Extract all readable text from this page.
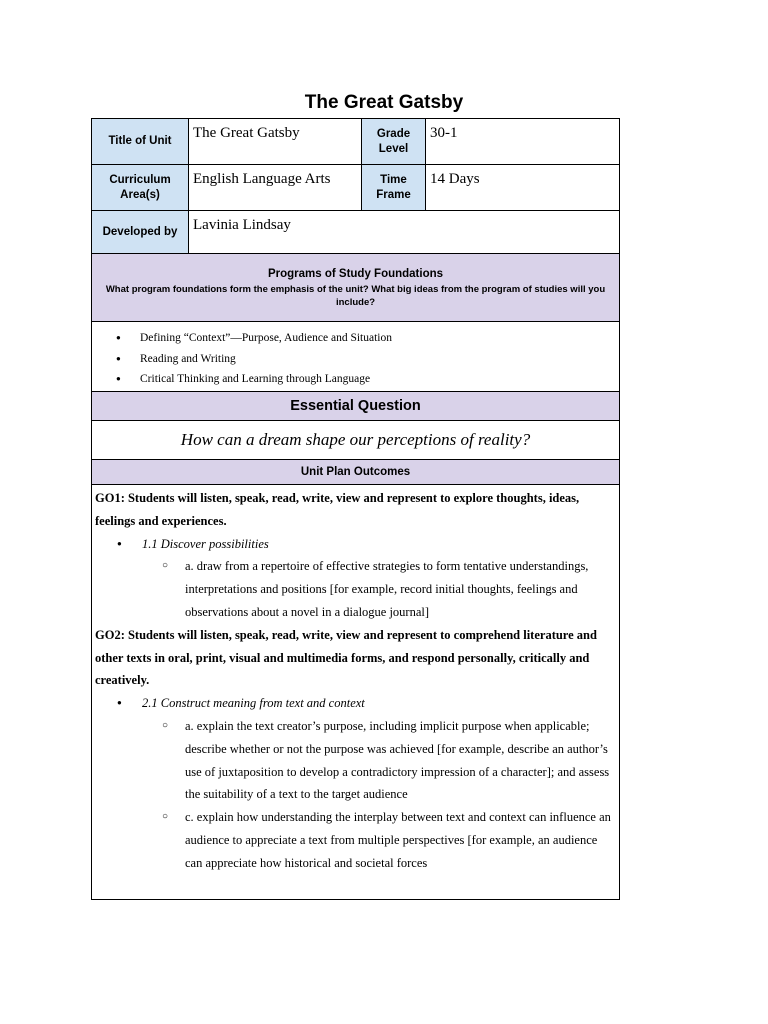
The Great Gatsby
Title of Unit	The Great Gatsby	Grade Level	30-1
Curriculum Area(s)	English Language Arts	Time Frame	14 Days
Developed by	Lavinia Lindsay		
Programs of Study Foundations
What program foundations form the emphasis of the unit? What big ideas from the program of studies will you include?
● Defining “Context”—Purpose, Audience and Situation
● Reading and Writing
● Critical Thinking and Learning through Language
Essential Question
How can a dream shape our perceptions of reality?
Unit Plan Outcomes
GO1: Students will listen, speak, read, write, view and represent to explore thoughts, ideas, feelings and experiences.
● 1.1 Discover possibilities
○ a. draw from a repertoire of effective strategies to form tentative understandings, interpretations and positions [for example, record initial thoughts, feelings and observations about a novel in a dialogue journal]
GO2: Students will listen, speak, read, write, view and represent to comprehend literature and other texts in oral, print, visual and multimedia forms, and respond personally, critically and creatively.
● 2.1 Construct meaning from text and context
○ a. explain the text creator’s purpose, including implicit purpose when applicable; describe whether or not the purpose was achieved [for example, describe an author’s use of juxtaposition to develop a contradictory impression of a character]; and assess the suitability of a text to the target audience
○ c. explain how understanding the interplay between text and context can influence an audience to appreciate a text from multiple perspectives [for example, an audience can appreciate how historical and societal forces
